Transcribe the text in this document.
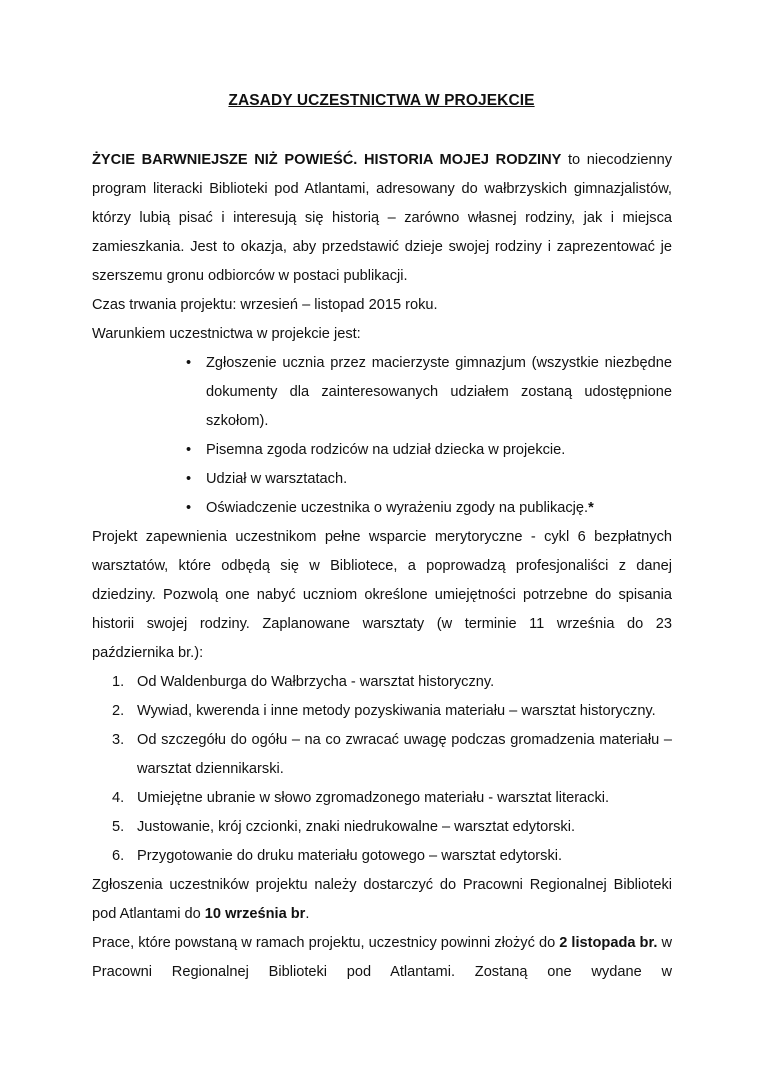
ZASADY UCZESTNICTWA W PROJEKCIE

ŻYCIE BARWNIEJSZE NIŻ POWIEŚĆ. HISTORIA MOJEJ RODZINY to niecodzienny program literacki Biblioteki pod Atlantami, adresowany do wałbrzyskich gimnazjalistów, którzy lubią pisać i interesują się historią – zarówno własnej rodziny, jak i miejsca zamieszkania. Jest to okazja, aby przedstawić dzieje swojej rodziny i zaprezentować je szerszemu gronu odbiorców w postaci publikacji.

Czas trwania projektu: wrzesień – listopad 2015 roku.

Warunkiem uczestnictwa w projekcie jest:

• Zgłoszenie ucznia przez macierzyste gimnazjum (wszystkie niezbędne dokumenty dla zainteresowanych udziałem zostaną udostępnione szkołom).
• Pisemna zgoda rodziców na udział dziecka w projekcie.
• Udział w warsztatach.
• Oświadczenie uczestnika o wyrażeniu zgody na publikację.*

Projekt zapewnienia uczestnikom pełne wsparcie merytoryczne - cykl 6 bezpłatnych warsztatów, które odbędą się w Bibliotece, a poprowadzą profesjonaliści z danej dziedziny. Pozwolą one nabyć uczniom określone umiejętności potrzebne do spisania historii swojej rodziny. Zaplanowane warsztaty (w terminie 11 września do 23 października br.):

1. Od Waldenburga do Wałbrzycha - warsztat historyczny.
2. Wywiad, kwerenda i inne metody pozyskiwania materiału – warsztat historyczny.
3. Od szczegółu do ogółu – na co zwracać uwagę podczas gromadzenia materiału – warsztat dziennikarski.
4. Umiejętne ubranie w słowo zgromadzonego materiału - warsztat literacki.
5. Justowanie, krój czcionki, znaki niedrukowalne – warsztat edytorski.
6. Przygotowanie do druku materiału gotowego – warsztat edytorski.

Zgłoszenia uczestników projektu należy dostarczyć do Pracowni Regionalnej Biblioteki pod Atlantami do 10 września br.

Prace, które powstaną w ramach projektu, uczestnicy powinni złożyć do 2 listopada br. w Pracowni Regionalnej Biblioteki pod Atlantami. Zostaną one wydane w
